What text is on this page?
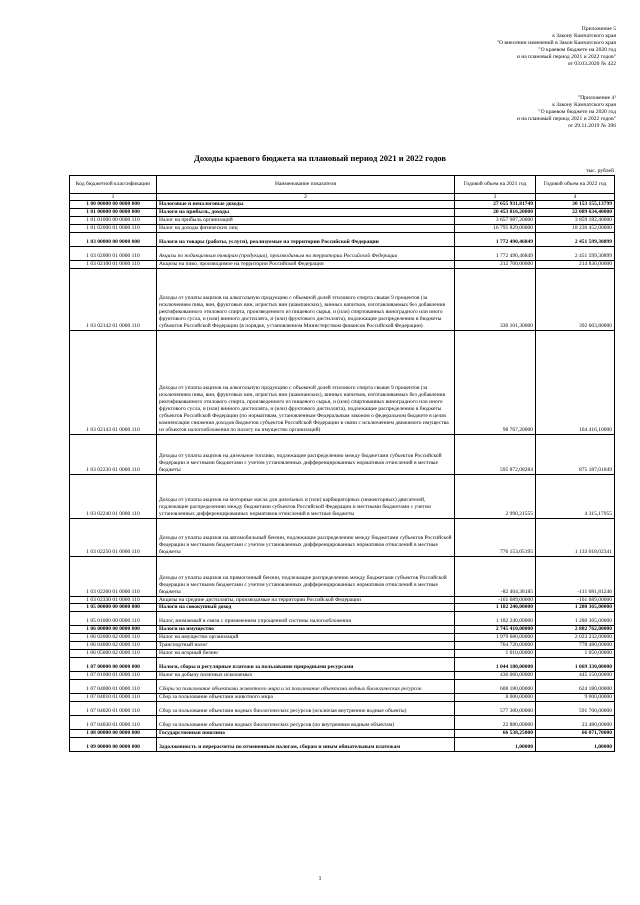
Приложение 5
к Закону Камчатского края
"О внесении изменений в Закон Камчатского края
"О краевом бюджете на 2020 год
и на плановый период 2021 и 2022 годов"
от 03.03.2020 № 422
"Приложение 4¹
к Закону Камчатского края
"О краевом бюджете на 2020 год
и на плановый период 2021 и 2022 годов"
от 29.11.2019 № 396
Доходы краевого бюджета на плановый период 2021 и 2022 годов
тыс. рублей
Код бюджетной классификации	Наименование показателя	Годовой объем на 2021 год	Годовой объем на 2022 год
1	2	3	4
1 00 00000 00 0000 000	Налоговые и неналоговые доходы	27 655 931,81749	30 153 155,13799
1 01 00000 00 0000 000	Налоги на прибыль, доходы	20 453 816,20000	22 089 634,40000
1 01 01000 00 0000 110	Налог на прибыль организаций	3 657 987,20000	3 859 182,40000
1 01 02000 01 0000 110	Налог на доходы физических лиц	16 795 829,00000	18 230 452,00000
1 03 00000 00 0000 000	Налоги на товары (работы, услуги), реализуемые на территории Российской Федерации	1 772 490,46849	2 451 599,30899
1 03 02000 01 0000 110	Акцизы по подакцизным товарам (продукции), производимым на территории Российской Федерации	1 772 490,46849	2 451 599,30899
1 03 02100 01 0000 110	Акцизы на пиво, производимое на территории Российской Федерации	212 700,00000	214 830,00000
1 03 02142 01 0000 110	Доходы от уплаты акцизов на алкогольную продукцию с объемной долей этилового спирта свыше 9 процентов (за исключением пива, вин, фруктовых вин, игристых вин (шампанских), винных напитков, изготавливаемых без добавления ректификованного этилового спирта, произведенного из пищевого сырья, и (или) спиртованных виноградного или иного фруктового сусла, и (или) винного дистиллята, и (или) фруктового дистиллята), подлежащие распределению в бюджеты субъектов Российской Федерации (в порядке, установленном Министерством финансов Российской Федерации)	330 101,30000	392 603,80000
1 03 02143 01 0000 110	Доходы от уплаты акцизов на алкогольную продукцию с объемной долей этилового спирта свыше 9 процентов (за исключением пива, вин, фруктовых вин, игристых вин (шампанских), винных напитков, изготавливаемых без добавления ректификованного этилового спирта, произведенного из пищевого сырья, и (или) спиртованных виноградного или иного фруктового сусла, и (или) винного дистиллята, и (или) фруктового дистиллята), подлежащие распределению в бюджеты субъектов Российской Федерации (по нормативам, установленным Федеральным законом о федеральном бюджете в целях компенсации снижения доходов бюджетов субъектов Российской Федерации в связи с исключением движимого имущества из объектов налогообложения по налогу на имущество организаций)	98 767,20000	104 416,10000
1 03 02230 01 0000 110	Доходы от уплаты акцизов на дизельное топливо, подлежащие распределению между бюджетами субъектов Российской Федерации и местными бюджетами с учетом установленных дифференцированных нормативов отчислений в местные бюджеты	595 872,08284	875 187,01849
1 03 02240 01 0000 110	Доходы от уплаты акцизов на моторные масла для дизельных и (или) карбюраторных (инжекторных) двигателей, подлежащие распределению между бюджетами субъектов Российской Федерации и местными бюджетами с учетом установленных дифференцированных нормативов отчислений в местные бюджеты	2 990,21555	4 315,17955
1 03 02250 01 0000 110	Доходы от уплаты акцизов на автомобильный бензин, подлежащие распределению между бюджетами субъектов Российской Федерации и местными бюджетами с учетом установленных дифференцированных нормативов отчислений в местные бюджеты	776 153,05195	1 133 018,02341
1 03 02260 01 0000 110	Доходы от уплаты акцизов на прямогонный бензин, подлежащие распределению между бюджетами субъектов Российской Федерации и местными бюджетами с учетом установленных дифференцированных нормативов отчислений в местные бюджеты	-82 404,38185	-111 081,81246
1 03 02330 01 0000 110	Акцизы на средние дистилляты, производимые на территории Российской Федерации	-161 689,00000	-161 689,00000
1 05 00000 00 0000 000	Налоги на совокупный доход	1 182 240,00000	1 280 365,00000
1 05 01000 00 0000 110	Налог, взимаемый в связи с применением упрощенной системы налогообложения	1 182 240,00000	1 280 365,00000
1 06 00000 00 0000 000	Налоги на имущество	2 745 410,00000	2 802 762,00000
1 06 02000 02 0000 110	Налог на имущество организаций	1 979 680,00000	2 023 232,00000
1 06 04000 02 0000 110	Транспортный налог	764 720,00000	778 480,00000
1 06 05000 02 0000 110	Налог на игорный бизнес	1 010,00000	1 050,00000
1 07 00000 00 0000 000	Налоги, сборы и регулярные платежи за пользование природными ресурсами	1 044 180,00000	1 069 330,00000
1 07 01000 01 0000 110	Налог на добычу полезных ископаемых	436 000,00000	445 150,00000
1 07 04000 01 0000 110	Сборы за пользование объектами животного мира и за пользование объектами водных биологических ресурсов	608 180,00000	624 180,00000
1 07 04010 01 0000 110	Сбор за пользование объектами животного мира	8 000,00000	9 000,00000
1 07 04020 01 0000 110	Сбор за пользование объектами водных биологических ресурсов (исключая внутренние водные объекты)	577 300,00000	591 700,00000
1 07 04030 01 0000 110	Сбор за пользование объектами водных биологических ресурсов (по внутренним водным объектам)	22 880,00000	23 480,00000
1 08 00000 00 0000 000	Государственная пошлина	66 538,25000	66 071,70000
1 09 00000 00 0000 000	Задолженность и перерасчеты по отмененным налогам, сборам и иным обязательным платежам	1,00000	1,00000
1
